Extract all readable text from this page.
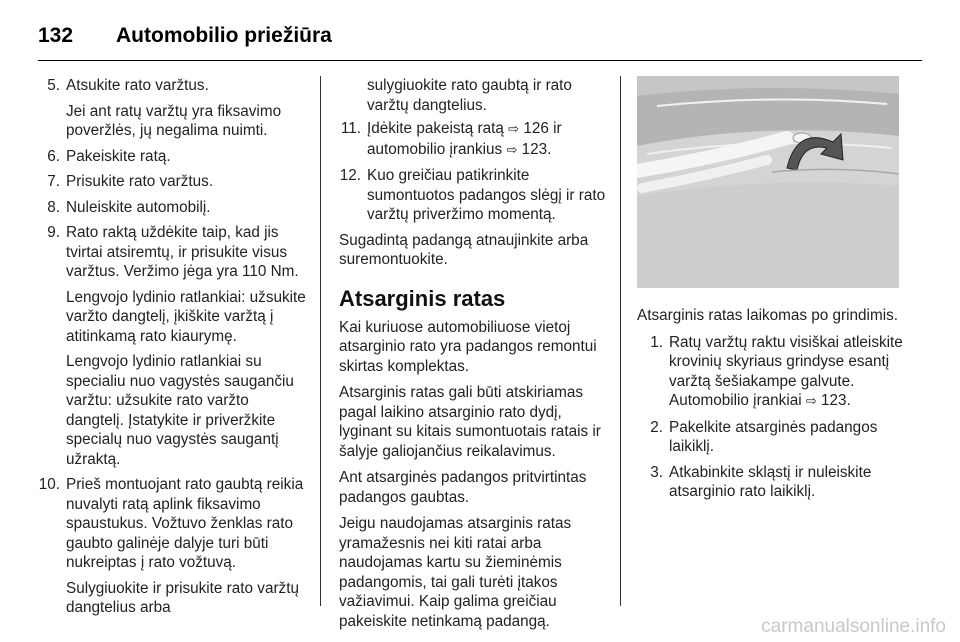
132 Automobilio priežiūra
5. Atsukite rato varžtus.

Jei ant ratų varžtų yra fiksavimo poveržlės, jų negalima nuimti.

6. Pakeiskite ratą.

7. Prisukite rato varžtus.

8. Nuleiskite automobilį.

9. Rato raktą uždėkite taip, kad jis tvirtai atsiremtų, ir prisukite visus varžtus. Veržimo jėga yra 110 Nm.

Lengvojo lydinio ratlankiai: užsukite varžto dangtelį, įkiškite varžtą į atitinkamą rato kiaurymę.

Lengvojo lydinio ratlankiai su specialiu nuo vagystės saugančiu varžtu: užsukite rato varžto dangtelį. Įstatykite ir priveržkite specialų nuo vagystės saugantį užraktą.

10. Prieš montuojant rato gaubtą reikia nuvalyti ratą aplink fiksavimo spaustukus. Vožtuvo ženklas rato gaubto galinėje dalyje turi būti nukreiptas į rato vožtuvą.

Sulygiuokite ir prisukite rato varžtų dangtelius arba

sulygiuokite rato gaubtą ir rato varžtų dangtelius.

11. Įdėkite pakeistą ratą ⇨ 126 ir automobilio įrankius ⇨ 123.

12. Kuo greičiau patikrinkite sumontuotos padangos slėgį ir rato varžtų priveržimo momentą.

Sugadintą padangą atnaujinkite arba suremontuokite.

Atsarginis ratas

Kai kuriuose automobiliuose vietoj atsarginio rato yra padangos remontui skirtas komplektas.

Atsarginis ratas gali būti atskiriamas pagal laikino atsarginio rato dydį, lyginant su kitais sumontuotais ratais ir šalyje galiojančius reikalavimus.

Ant atsarginės padangos pritvirtintas padangos gaubtas.

Jeigu naudojamas atsarginis ratas yramažesnis nei kiti ratai arba naudojamas kartu su žieminėmis padangomis, tai gali turėti įtakos važiavimui. Kaip galima greičiau pakeiskite netinkamą padangą.

Atsarginis ratas laikomas po grindimis.

1. Ratų varžtų raktu visiškai atleiskite krovinių skyriaus grindyse esantį varžtą šešiakampe galvute. Automobilio įrankiai ⇨ 123.

2. Pakelkite atsarginės padangos laikiklį.

3. Atkabinkite skląstį ir nuleiskite atsarginio rato laikiklį.

carmanualsonline.info
